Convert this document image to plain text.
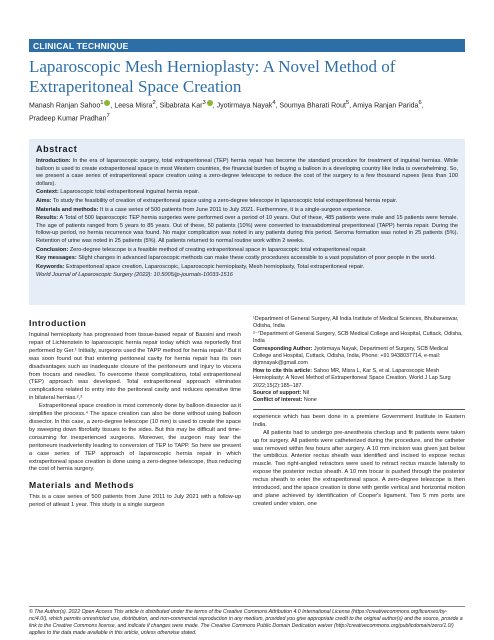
CLINICAL TECHNIQUE
Laparoscopic Mesh Hernioplasty: A Novel Method of
Extraperitoneal Space Creation
Manash Ranjan Sahoo$^1$ , Leesa Misra$^2$, Sibabrata Kar$^3$ , Jyotirmaya Nayak$^4$, Soumya Bharati Rout$^5$, Amiya Ranjan Parida$^6$,
Pradeep Kumar Pradhan$^7$
Abstract

Introduction: In the era of laparoscopic surgery, total extraperitoneal (TEP) hernia repair has become the standard procedure for treatment of inguinal hernias. While balloon is used to create extraperitoneal space in most Western countries, the financial burden of buying a balloon in a developing country like India is overwhelming. So, we present a case series of extraperitoneal space creation using a zero-degree telescope to reduce the cost of the surgery to a few thousand rupees (less than 100 dollars).

Context: Laparoscopic total extraperitoneal inguinal hernia repair.

Aims: To study the feasibility of creation of extraperitoneal space using a zero-degree telescope in laparoscopic total extraperitoneal hernia repair.

Materials and methods: It is a case series of 500 patients from June 2011 to July 2021. Furthermore, it is a single-surgeon experience.

Results: A Total of 500 laparoscopic TEP hernia surgeries were performed over a period of 10 years. Out of these, 485 patients were male and 15 patients were female. The age of patients ranged from 5 years to 85 years. Out of these, 50 patients (10%) were converted to transabdominal preperitoneal (TAPP) hernia repair. During the follow-up period, no hernia recurrence was found. No major complication was noted in any patients during this period. Seroma formation was noted in 25 patients (5%). Retention of urine was noted in 25 patients (5%). All patients returned to normal routine work within 2 weeks.

Conclusion: Zero-degree telescope is a feasible method of creating extraperitoneal space in laparoscopic total extraperitoneal repair.

Key messages: Slight changes in advanced laparoscopic methods can make these costly procedures accessible to a vast population of poor people in the world.

Keywords: Extraperitoneal space creation, Laparoscopic, Laparoscopic hernioplasty, Mesh hernioplasty, Total extraperitoneal repair.

World Journal of Laparoscopic Surgery (2022): 10.5005/jp-journals-10033-1516

Introduction

Inguinal hernioplasty has progressed from tissue-based repair of Bassini and mesh repair of Lichtenstein to laparoscopic hernia repair today which was reportedly first performed by Ger.¹ Initially, surgeons used the TAPP method for hernia repair.² But it was soon found out that entering peritoneal cavity for hernia repair has its own disadvantages such as inadequate closure of the peritoneum and injury to viscera from trocars and needles. To overcome these complications, total extraperitoneal (TEP) approach was developed. Total extraperitoneal approach eliminates complications related to entry into the peritoneal cavity and reduces operative time in bilateral hernias.²,³

Extraperitoneal space creation is most commonly done by balloon dissector as it simplifies the process.⁴ The space creation can also be done without using balloon dissector. In this case, a zero-degree telescope (10 mm) is used to create the space by sweeping down fibrofatty tissues to the sides. But this may be difficult and time-consuming for inexperienced surgeons. Moreover, the surgeon may tear the peritoneum inadvertently leading to conversion of TEP to TAPP. So here we present a case series of TEP approach of laparoscopic hernia repair in which extraperitoneal space creation is done using a zero-degree telescope, thus reducing the cost of hernia surgery.

Materials and Methods

This is a case series of 500 patients from June 2011 to July 2021 with a follow-up period of atleast 1 year. This study is a single surgeon

¹Department of General Surgery, All India Institute of Medical Sciences, Bhubaneswar, Odisha, India

²⁻⁷Department of General Surgery, SCB Medical College and Hospital, Cuttack, Odisha, India

Corresponding Author: Jyotirmaya Nayak, Department of Surgery, SCB Medical College and Hospital, Cuttack, Odisha, India, Phone: +91 9438037714, e-mail: drjmnayak@gmail.com

How to cite this article: Sahoo MR, Misra L, Kar S, et al. Laparoscopic Mesh Hernioplasty: A Novel Method of Extraperitoneal Space Creation. World J Lap Surg 2022;15(2):185–187.

Source of support: Nil

Conflict of interest: None

experience which has been done in a premiere Government Institute in Eastern India.

All patients had to undergo pre-anesthesia checkup and fit patients were taken up for surgery. All patients were catheterized during the procedure, and the catheter was removed within few hours after surgery. A 10 mm incision was given just below the umbilicus. Anterior rectus sheath was identified and incised to expose rectus muscle. Two right-angled retractors were used to retract rectus muscle laterally to expose the posterior rectus sheath. A 10 mm trocar is pushed through the posterior rectus sheath to enter the extraperitoneal space. A zero-degree telescope is then introduced, and the space creation is done with gentle vertical and horizontal motion and plane achieved by identification of Cooper's ligament. Two 5 mm ports are created under vision, one

© The Author(s). 2022 Open Access This article is distributed under the terms of the Creative Commons Attribution 4.0 International License (https://creativecommons.org/licenses/by-nc/4.0/), which permits unrestricted use, distribution, and non-commercial reproduction in any medium, provided you give appropriate credit to the original author(s) and the source, provide a link to the Creative Commons license, and indicate if changes were made. The Creative Commons Public Domain Dedication waiver (http://creativecommons.org/publicdomain/zero/1.0/) applies to the data made available in this article, unless otherwise stated.
